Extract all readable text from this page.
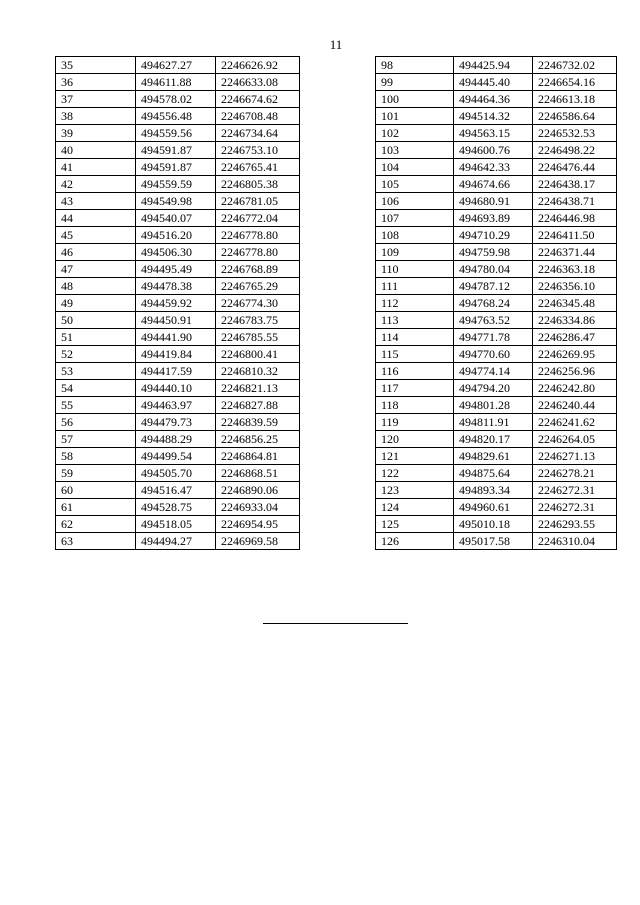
11
35	494627.27	2246626.92
36	494611.88	2246633.08
37	494578.02	2246674.62
38	494556.48	2246708.48
39	494559.56	2246734.64
40	494591.87	2246753.10
41	494591.87	2246765.41
42	494559.59	2246805.38
43	494549.98	2246781.05
44	494540.07	2246772.04
45	494516.20	2246778.80
46	494506.30	2246778.80
47	494495.49	2246768.89
48	494478.38	2246765.29
49	494459.92	2246774.30
50	494450.91	2246783.75
51	494441.90	2246785.55
52	494419.84	2246800.41
53	494417.59	2246810.32
54	494440.10	2246821.13
55	494463.97	2246827.88
56	494479.73	2246839.59
57	494488.29	2246856.25
58	494499.54	2246864.81
59	494505.70	2246868.51
60	494516.47	2246890.06
61	494528.75	2246933.04
62	494518.05	2246954.95
63	494494.27	2246969.58
98	494425.94	2246732.02
99	494445.40	2246654.16
100	494464.36	2246613.18
101	494514.32	2246586.64
102	494563.15	2246532.53
103	494600.76	2246498.22
104	494642.33	2246476.44
105	494674.66	2246438.17
106	494680.91	2246438.71
107	494693.89	2246446.98
108	494710.29	2246411.50
109	494759.98	2246371.44
110	494780.04	2246363.18
111	494787.12	2246356.10
112	494768.24	2246345.48
113	494763.52	2246334.86
114	494771.78	2246286.47
115	494770.60	2246269.95
116	494774.14	2246256.96
117	494794.20	2246242.80
118	494801.28	2246240.44
119	494811.91	2246241.62
120	494820.17	2246264.05
121	494829.61	2246271.13
122	494875.64	2246278.21
123	494893.34	2246272.31
124	494960.61	2246272.31
125	495010.18	2246293.55
126	495017.58	2246310.04
